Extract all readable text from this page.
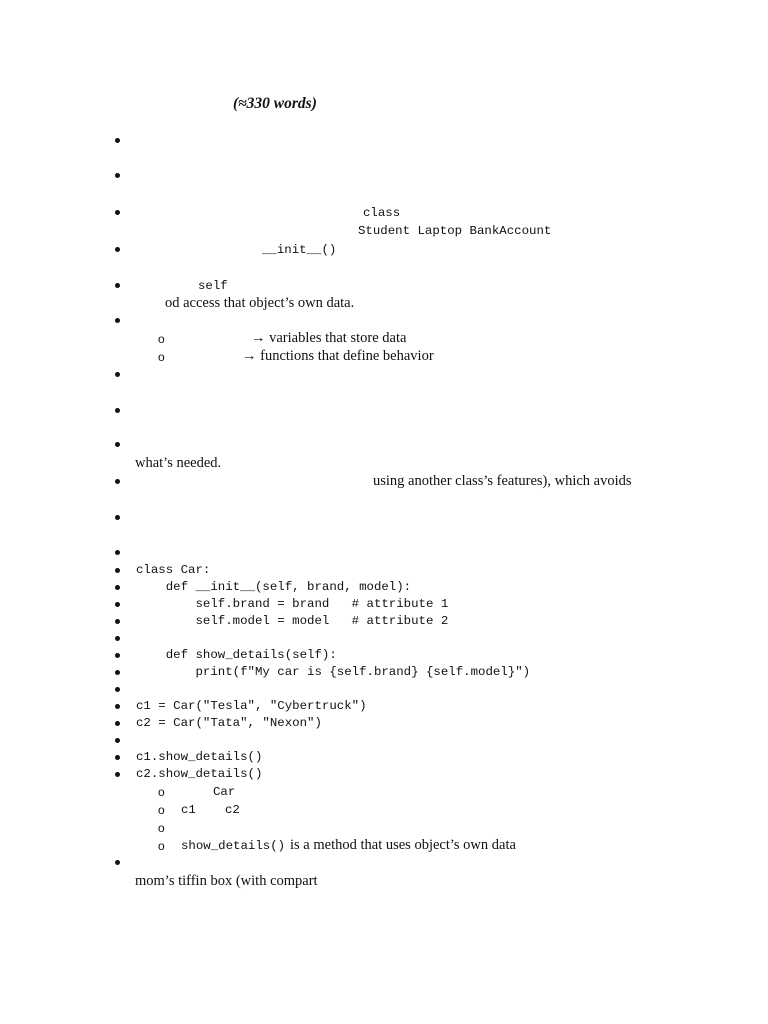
(≈330 words)
class
Student Laptop BankAccount
__init__()
self
od access that object’s own data.
o	→ variables that store data
o	→ functions that define behavior
what’s needed.
using another class’s features), which avoids
class Car:
def __init__(self, brand, model):
self.brand = brand   # attribute 1
self.model = model   # attribute 2
def show_details(self):
print(f"My car is {self.brand} {self.model}")
c1 = Car("Tesla", "Cybertruck")
c2 = Car("Tata", "Nexon")
c1.show_details()
c2.show_details()
o	Car
o c1 c2
o
o show_details() is a method that uses object’s own data
mom’s tiffin box (with compart
